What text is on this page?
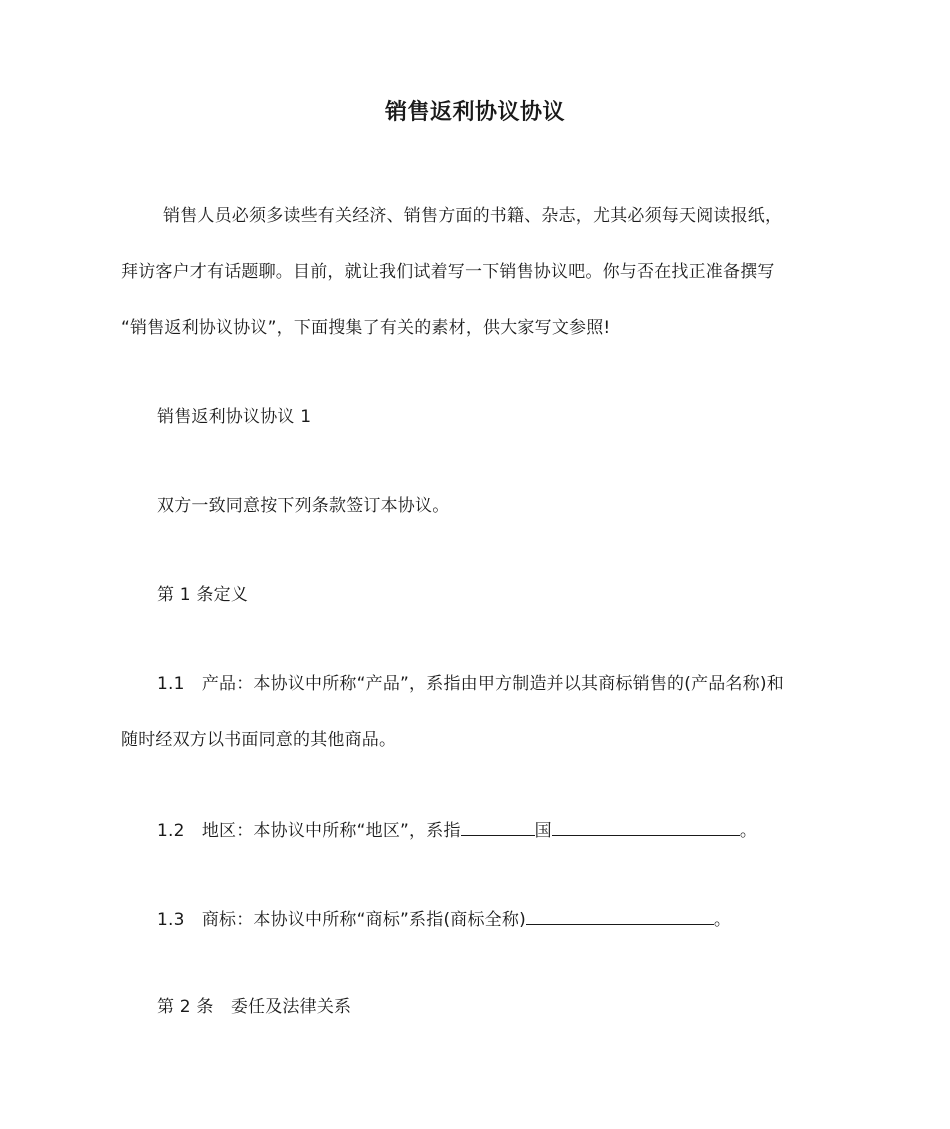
销售返利协议协议
销售人员必须多读些有关经济、销售方面的书籍、杂志，尤其必须每天阅读报纸，
拜访客户才有话题聊。目前，就让我们试着写一下销售协议吧。你与否在找正准备撰写
“销售返利协议协议”，下面搜集了有关的素材，供大家写文参照!
销售返利协议协议 1
双方一致同意按下列条款签订本协议。
第 1 条定义
1.1　产品：本协议中所称“产品”，系指由甲方制造并以其商标销售的(产品名称)和
随时经双方以书面同意的其他商品。
1.2　地区：本协议中所称“地区”，系指	国	。
1.3　商标：本协议中所称“商标”系指(商标全称)	。
第 2 条　委任及法律关系
